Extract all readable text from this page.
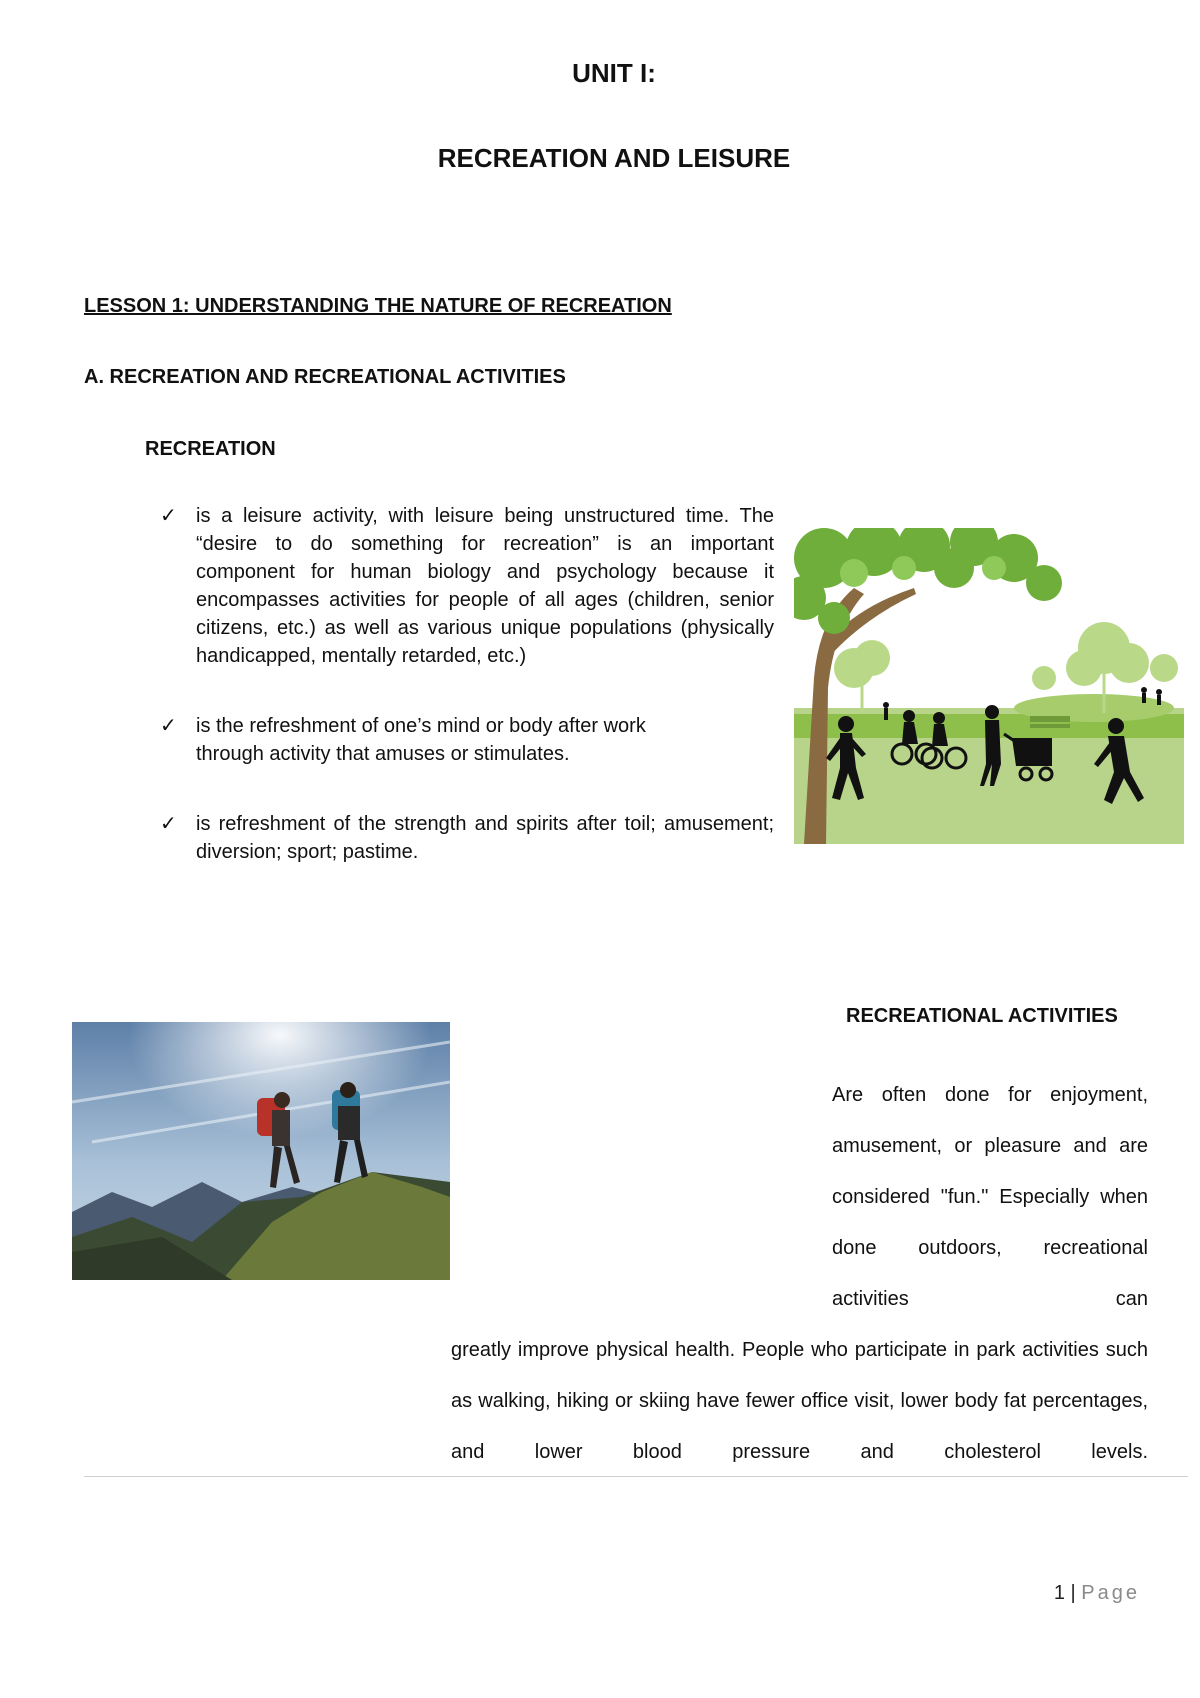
UNIT I:
RECREATION AND LEISURE
LESSON 1: UNDERSTANDING THE NATURE OF RECREATION
A. RECREATION AND RECREATIONAL ACTIVITIES
RECREATION
✓ is a leisure activity, with leisure being unstructured time. The “desire to do something for recreation” is an important component for human biology and psychology because it encompasses activities for people of all ages (children, senior citizens, etc.) as well as various unique populations (physically handicapped, mentally retarded, etc.)
✓ is the refreshment of one’s mind or body after work through activity that amuses or stimulates.
✓ is refreshment of the strength and spirits after toil; amusement; diversion; sport; pastime.
RECREATIONAL ACTIVITIES
Are often done for enjoyment, amusement, or pleasure and are considered "fun." Especially when done outdoors, recreational activities can
greatly improve physical health. People who participate in park activities such as walking, hiking or skiing have fewer office visit, lower body fat percentages, and lower blood pressure and cholesterol levels.
1 | Page
